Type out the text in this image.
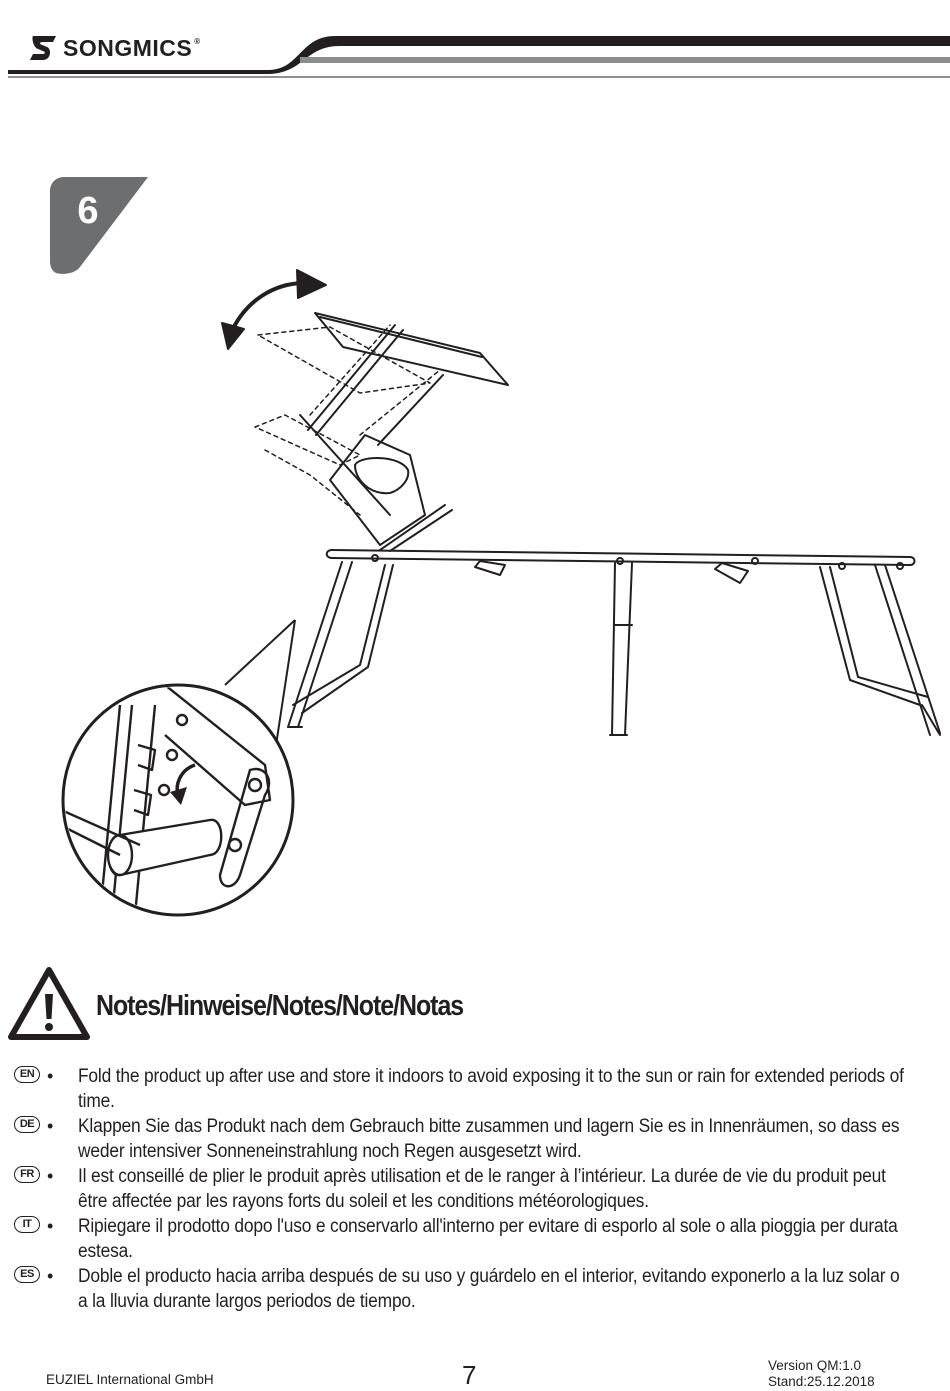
SONGMICS ®
6
Notes/Hinweise/Notes/Note/Notas
EN • Fold the product up after use and store it indoors to avoid exposing it to the sun or rain for extended periods of time.
DE • Klappen Sie das Produkt nach dem Gebrauch bitte zusammen und lagern Sie es in Innenräumen, so dass es weder intensiver Sonneneinstrahlung noch Regen ausgesetzt wird.
FR • Il est conseillé de plier le produit après utilisation et de le ranger à l’intérieur. La durée de vie du produit peut être affectée par les rayons forts du soleil et les conditions météorologiques.
IT • Ripiegare il prodotto dopo l'uso e conservarlo all'interno per evitare di esporlo al sole o alla pioggia per durata estesa.
ES • Doble el producto hacia arriba después de su uso y guárdelo en el interior, evitando exponerlo a la luz solar o a la lluvia durante largos periodos de tiempo.
EUZIEL International GmbH	7	Version QM:1.0
Stand:25.12.2018
